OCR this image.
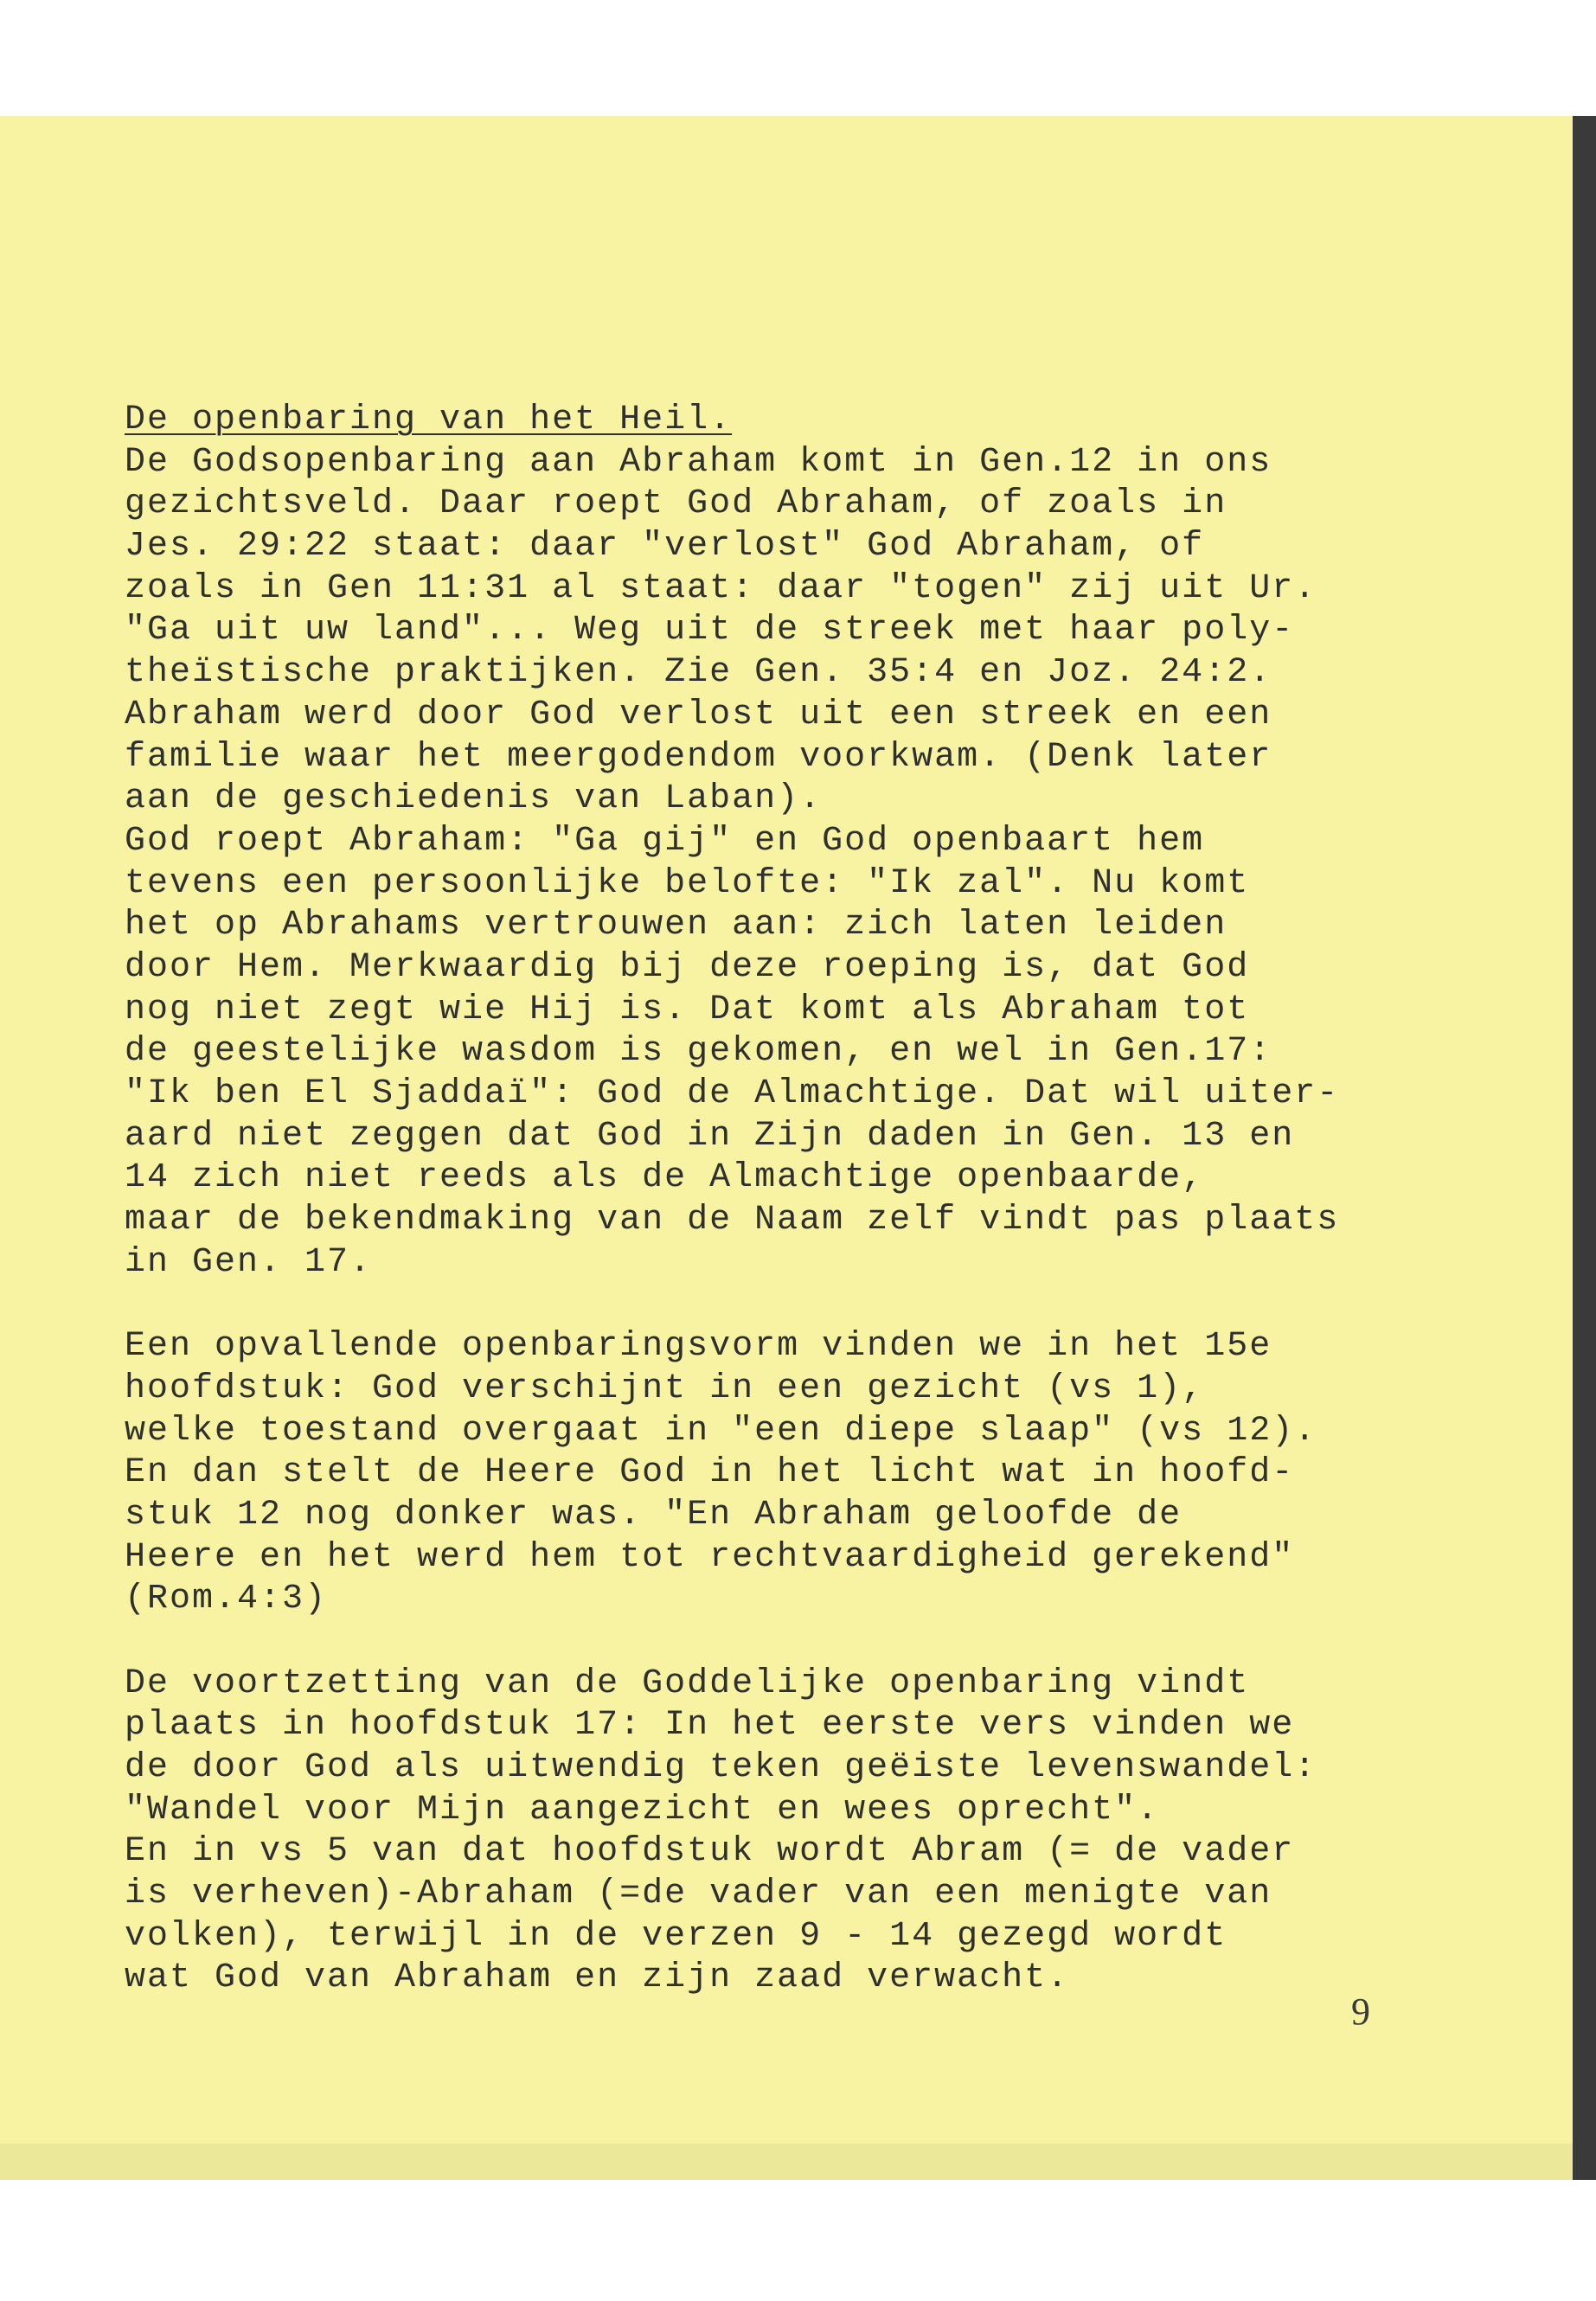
De openbaring van het Heil.
De Godsopenbaring aan Abraham komt in Gen.12 in ons
gezichtsveld. Daar roept God Abraham, of zoals in
Jes. 29:22 staat: daar "verlost" God Abraham, of
zoals in Gen 11:31 al staat: daar "togen" zij uit Ur.
"Ga uit uw land"... Weg uit de streek met haar poly-
theïstische praktijken. Zie Gen. 35:4 en Joz. 24:2.
Abraham werd door God verlost uit een streek en een
familie waar het meergodendom voorkwam. (Denk later
aan de geschiedenis van Laban).
God roept Abraham: "Ga gij" en God openbaart hem
tevens een persoonlijke belofte: "Ik zal". Nu komt
het op Abrahams vertrouwen aan: zich laten leiden
door Hem. Merkwaardig bij deze roeping is, dat God
nog niet zegt wie Hij is. Dat komt als Abraham tot
de geestelijke wasdom is gekomen, en wel in Gen.17:
"Ik ben El Sjaddaï": God de Almachtige. Dat wil uiter-
aard niet zeggen dat God in Zijn daden in Gen. 13 en
14 zich niet reeds als de Almachtige openbaarde,
maar de bekendmaking van de Naam zelf vindt pas plaats
in Gen. 17.
Een opvallende openbaringsvorm vinden we in het 15e
hoofdstuk: God verschijnt in een gezicht (vs 1),
welke toestand overgaat in "een diepe slaap" (vs 12).
En dan stelt de Heere God in het licht wat in hoofd-
stuk 12 nog donker was. "En Abraham geloofde de
Heere en het werd hem tot rechtvaardigheid gerekend"
(Rom.4:3)
De voortzetting van de Goddelijke openbaring vindt
plaats in hoofdstuk 17: In het eerste vers vinden we
de door God als uitwendig teken geëiste levenswandel:
"Wandel voor Mijn aangezicht en wees oprecht".
En in vs 5 van dat hoofdstuk wordt Abram (= de vader
is verheven)-Abraham (=de vader van een menigte van
volken), terwijl in de verzen 9 - 14 gezegd wordt
wat God van Abraham en zijn zaad verwacht.
9
